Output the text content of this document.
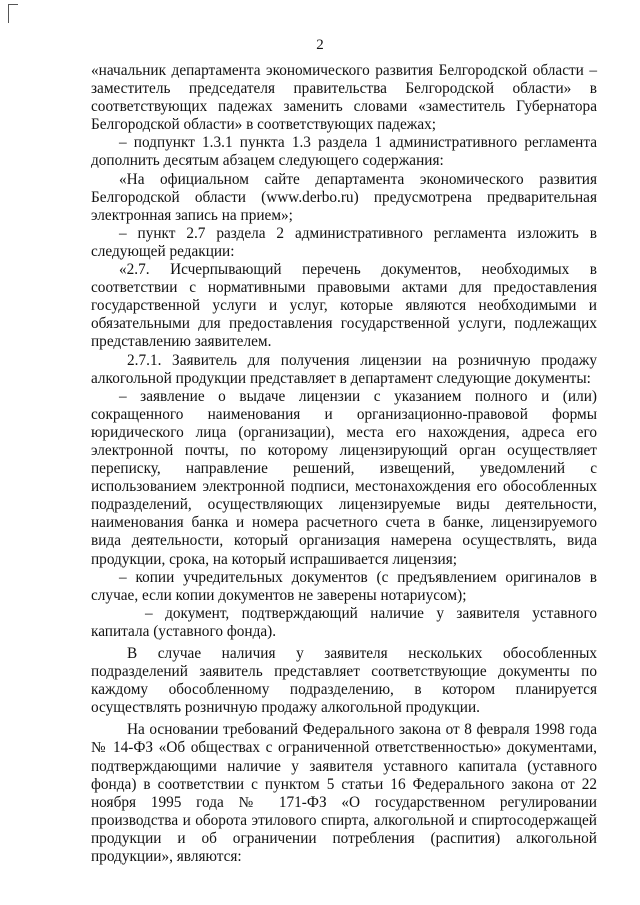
2

«начальник департамента экономического развития Белгородской области – заместитель председателя правительства Белгородской области» в соответствующих падежах заменить словами «заместитель Губернатора Белгородской области» в соответствующих падежах;

– подпункт 1.3.1 пункта 1.3 раздела 1 административного регламента дополнить десятым абзацем следующего содержания:

«На официальном сайте департамента экономического развития Белгородской области (www.derbo.ru) предусмотрена предварительная электронная запись на прием»;

– пункт 2.7 раздела 2 административного регламента изложить в следующей редакции:

«2.7. Исчерпывающий перечень документов, необходимых в соответствии с нормативными правовыми актами для предоставления государственной услуги и услуг, которые являются необходимыми и обязательными для предоставления государственной услуги, подлежащих представлению заявителем.

2.7.1. Заявитель для получения лицензии на розничную продажу алкогольной продукции представляет в департамент следующие документы:

– заявление о выдаче лицензии с указанием полного и (или) сокращенного наименования и организационно-правовой формы юридического лица (организации), места его нахождения, адреса его электронной почты, по которому лицензирующий орган осуществляет переписку, направление решений, извещений, уведомлений с использованием электронной подписи, местонахождения его обособленных подразделений, осуществляющих лицензируемые виды деятельности, наименования банка и номера расчетного счета в банке, лицензируемого вида деятельности, который организация намерена осуществлять, вида продукции, срока, на который испрашивается лицензия;

– копии учредительных документов (с предъявлением оригиналов в случае, если копии документов не заверены нотариусом);

– документ, подтверждающий наличие у заявителя уставного капитала (уставного фонда).

В случае наличия у заявителя нескольких обособленных подразделений заявитель представляет соответствующие документы по каждому обособленному подразделению, в котором планируется осуществлять розничную продажу алкогольной продукции.

На основании требований Федерального закона от 8 февраля 1998 года № 14-ФЗ «Об обществах с ограниченной ответственностью» документами, подтверждающими наличие у заявителя уставного капитала (уставного фонда) в соответствии с пунктом 5 статьи 16 Федерального закона от 22 ноября 1995 года № 171-ФЗ «О государственном регулировании производства и оборота этилового спирта, алкогольной и спиртосодержащей продукции и об ограничении потребления (распития) алкогольной продукции», являются:
